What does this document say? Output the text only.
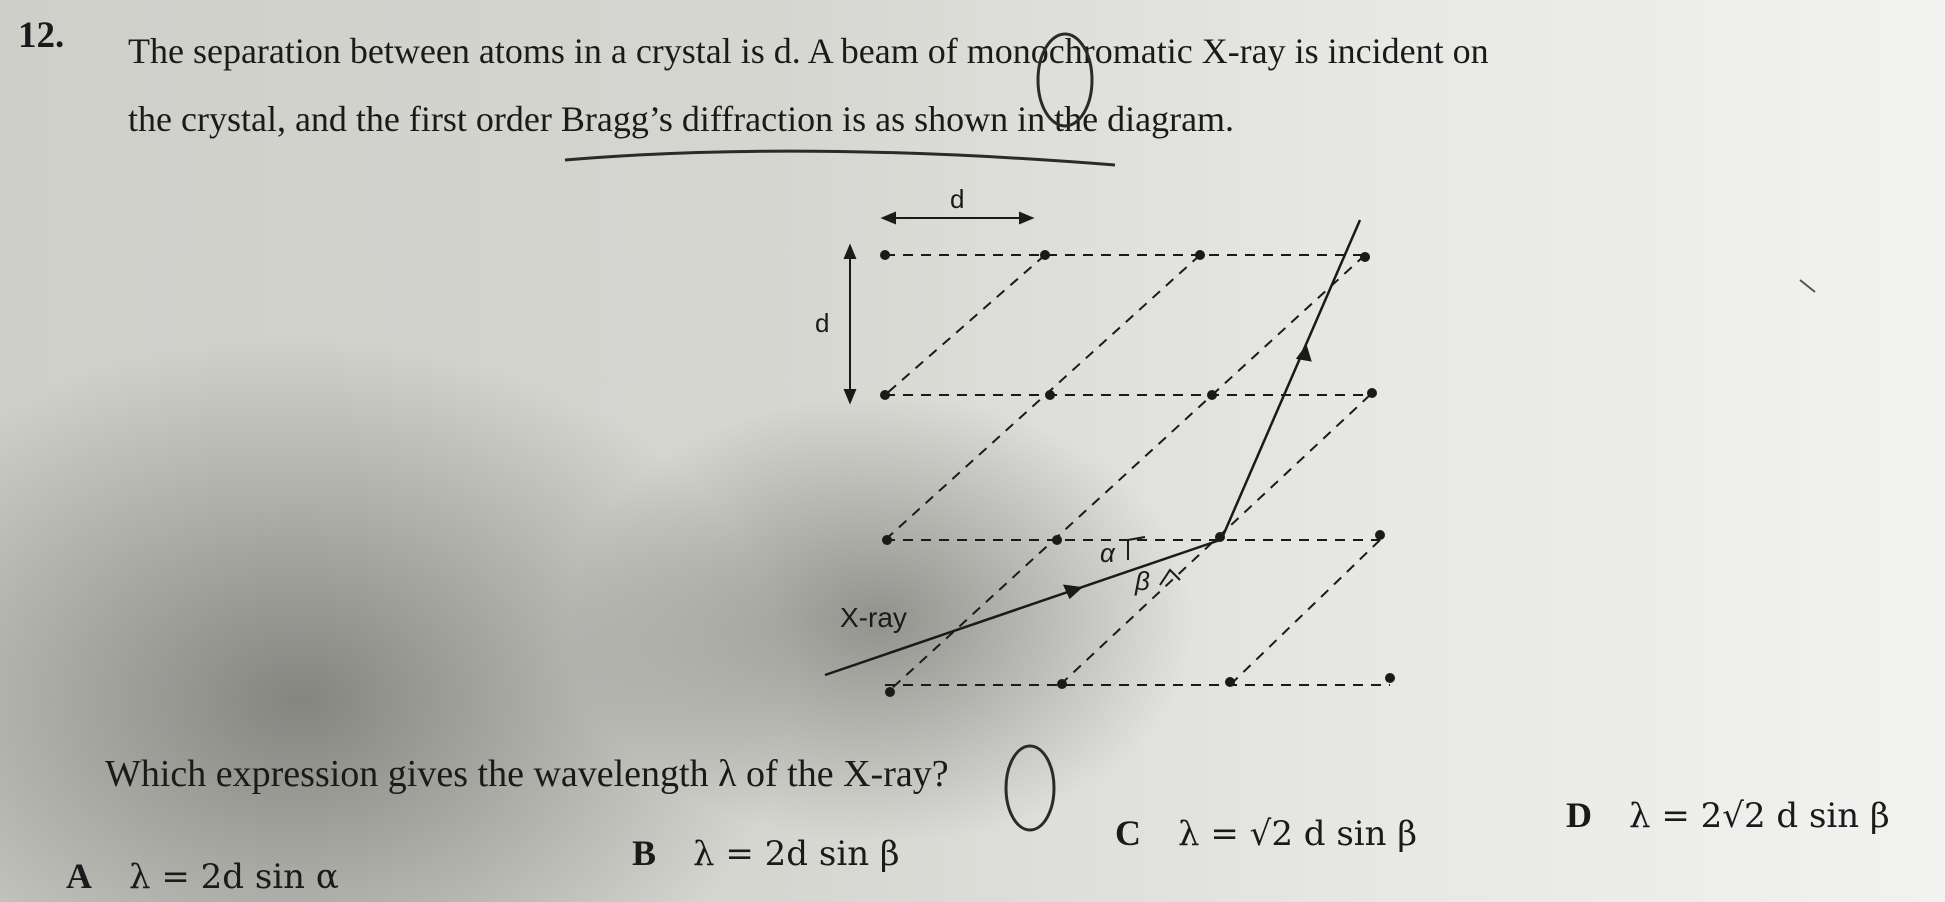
12. The separation between atoms in a crystal is d. A beam of monochromatic X-ray is incident on
the crystal, and the first order Bragg’s diffraction is as shown in the diagram.
d
d
α
β
X-ray
Which expression gives the wavelength λ of the X-ray?
A λ = 2d sin α
B λ = 2d sin β
C λ = √2 d sin β	D λ = 2√2 d sin β
